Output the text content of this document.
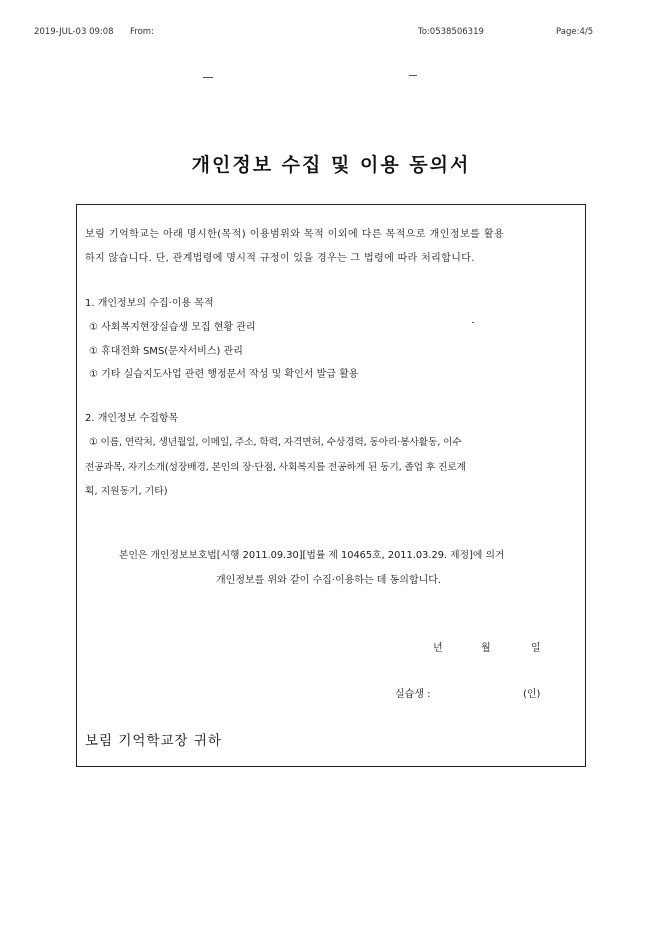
2019-JUL-03 09:08 From:	To:0538506319	Page:4/5
개인정보 수집 및 이용 동의서
보림 기억학교는 아래 명시한(목적) 이용범위와 목적 이외에 다른 목적으로 개인정보를 활용
하지 않습니다. 단, 관계법령에 명시적 규정이 있을 경우는 그 법령에 따라 처리합니다.
1. 개인정보의 수집·이용 목적
① 사회복지현장실습생 모집 현황 관리
① 휴대전화 SMS(문자서비스) 관리
① 기타 실습지도사업 관련 행정문서 작성 및 확인서 발급 활용
2. 개인정보 수집항목
① 이름, 연락처, 생년월일, 이메일, 주소, 학력, 자격면허, 수상경력, 동아리·봉사활동, 이수
전공과목, 자기소개(성장배경, 본인의 장·단점, 사회복지를 전공하게 된 동기, 졸업 후 진로계
획, 지원동기, 기타)
본인은 개인정보보호법[시행 2011.09.30][법률 제 10465호, 2011.03.29. 제정]에 의거
개인정보를 위와 같이 수집·이용하는 데 동의합니다.
년	월	일
실습생 :	(인)
보림 기억학교장 귀하
